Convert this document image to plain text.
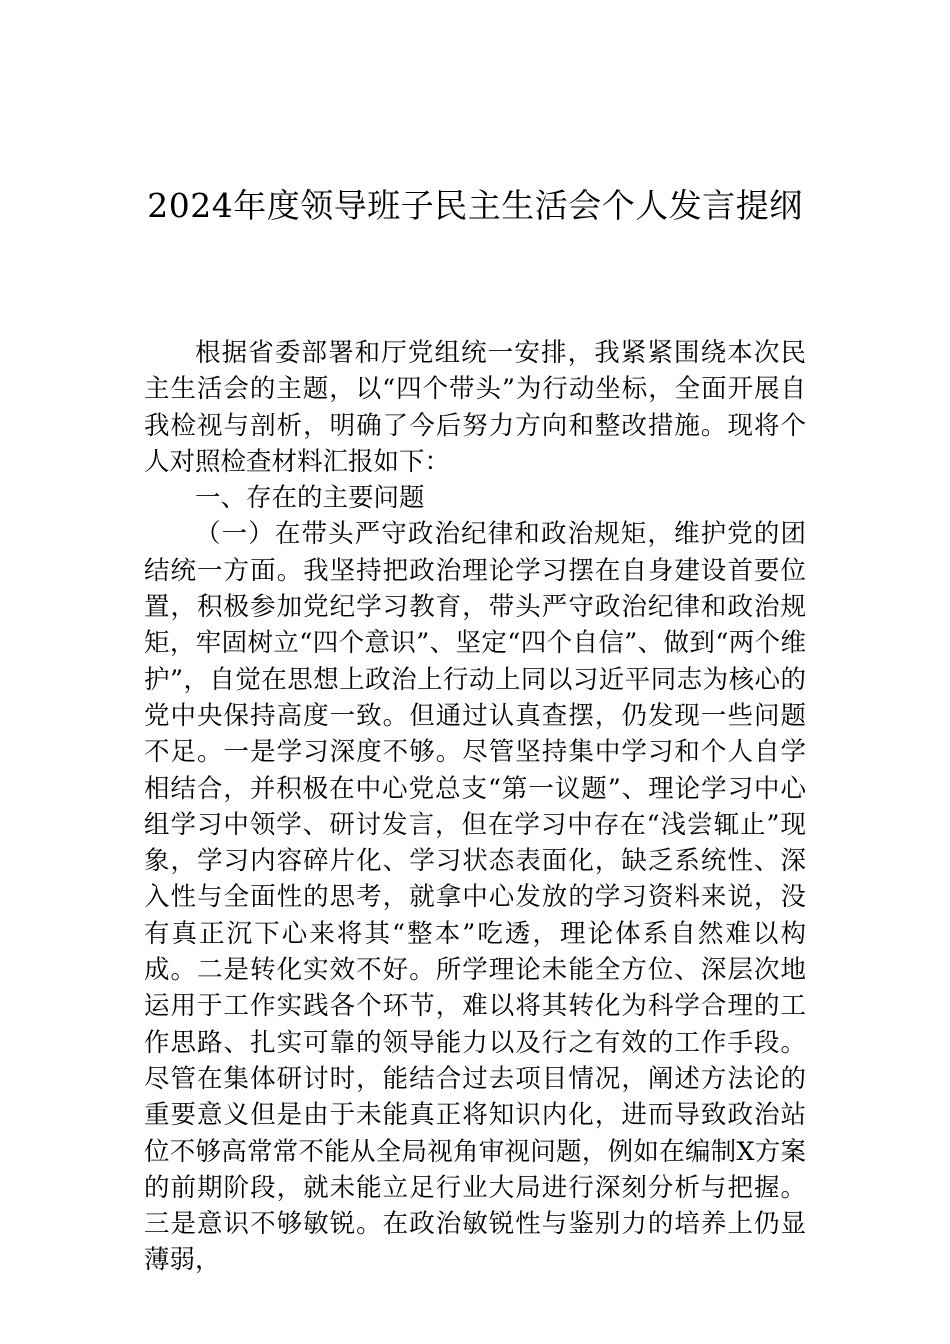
2024年度领导班子民主生活会个人发言提纲

根据省委部署和厅党组统一安排，我紧紧围绕本次民主生活会的主题，以“四个带头”为行动坐标，全面开展自我检视与剖析，明确了今后努力方向和整改措施。现将个人对照检查材料汇报如下：

一、存在的主要问题

（一）在带头严守政治纪律和政治规矩，维护党的团结统一方面。我坚持把政治理论学习摆在自身建设首要位置，积极参加党纪学习教育，带头严守政治纪律和政治规矩，牢固树立“四个意识”、坚定“四个自信”、做到“两个维护”，自觉在思想上政治上行动上同以习近平同志为核心的党中央保持高度一致。但通过认真查摆，仍发现一些问题不足。一是学习深度不够。尽管坚持集中学习和个人自学相结合，并积极在中心党总支“第一议题”、理论学习中心组学习中领学、研讨发言，但在学习中存在“浅尝辄止”现象，学习内容碎片化、学习状态表面化，缺乏系统性、深入性与全面性的思考，就拿中心发放的学习资料来说，没有真正沉下心来将其“整本”吃透，理论体系自然难以构成。二是转化实效不好。所学理论未能全方位、深层次地运用于工作实践各个环节，难以将其转化为科学合理的工作思路、扎实可靠的领导能力以及行之有效的工作手段。尽管在集体研讨时，能结合过去项目情况，阐述方法论的重要意义但是由于未能真正将知识内化，进而导致政治站位不够高常常不能从全局视角审视问题，例如在编制X方案的前期阶段，就未能立足行业大局进行深刻分析与把握。三是意识不够敏锐。在政治敏锐性与鉴别力的培养上仍显薄弱，
